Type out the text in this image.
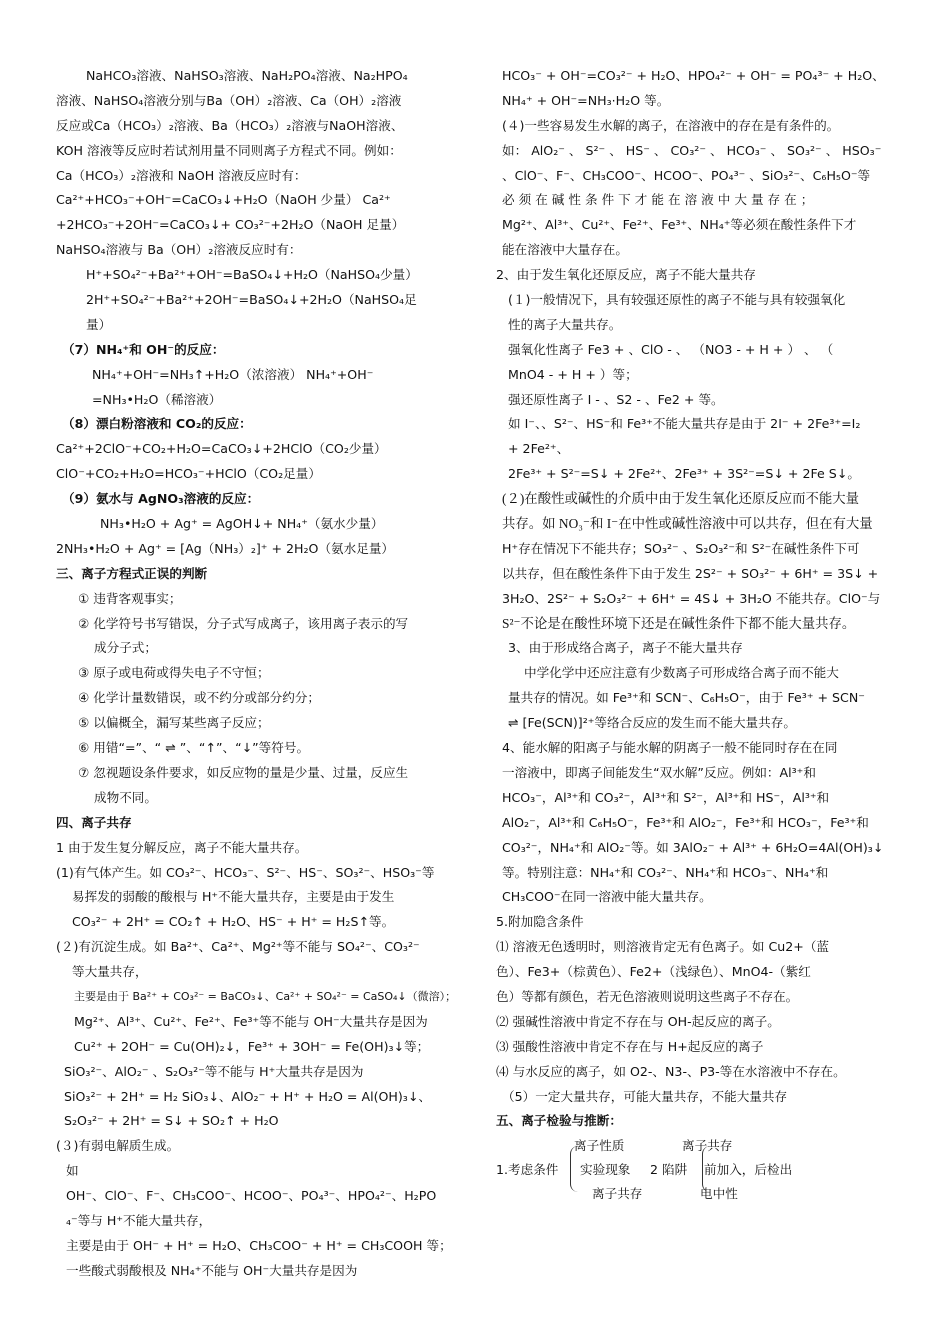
NaHCO₃溶液、NaHSO₃溶液、NaH₂PO₄溶液、Na₂HPO₄
溶液、NaHSO₄溶液分别与Ba（OH）₂溶液、Ca（OH）₂溶液
反应或Ca（HCO₃）₂溶液、Ba（HCO₃）₂溶液与NaOH溶液、
KOH 溶液等反应时若试剂用量不同则离子方程式不同。例如：
Ca（HCO₃）₂溶液和 NaOH 溶液反应时有：
Ca²⁺+HCO₃⁻+OH⁻=CaCO₃↓+H₂O（NaOH 少量） Ca²⁺
+2HCO₃⁻+2OH⁻=CaCO₃↓+ CO₃²⁻+2H₂O（NaOH 足量）
NaHSO₄溶液与 Ba（OH）₂溶液反应时有：
H⁺+SO₄²⁻+Ba²⁺+OH⁻=BaSO₄↓+H₂O（NaHSO₄少量）
2H⁺+SO₄²⁻+Ba²⁺+2OH⁻=BaSO₄↓+2H₂O（NaHSO₄足
量）
（7）NH₄⁺和 OH⁻的反应：
NH₄⁺+OH⁻=NH₃↑+H₂O（浓溶液） NH₄⁺+OH⁻
=NH₃•H₂O（稀溶液）
（8）漂白粉溶液和 CO₂的反应：
Ca²⁺+2ClO⁻+CO₂+H₂O=CaCO₃↓+2HClO（CO₂少量）
ClO⁻+CO₂+H₂O=HCO₃⁻+HClO（CO₂足量）
（9）氨水与 AgNO₃溶液的反应：
NH₃•H₂O + Ag⁺ = AgOH↓+ NH₄⁺（氨水少量）
2NH₃•H₂O + Ag⁺ = [Ag（NH₃）₂]⁺ + 2H₂O（氨水足量）
三、离子方程式正误的判断
① 违背客观事实；
② 化学符号书写错误，分子式写成离子，该用离子表示的写
成分子式；
③ 原子或电荷或得失电子不守恒；
④ 化学计量数错误，或不约分或部分约分；
⑤ 以偏概全，漏写某些离子反应；
⑥ 用错“=”、“ ⇌ ”、“↑”、“↓”等符号。
⑦ 忽视题设条件要求，如反应物的量是少量、过量，反应生
成物不同。
四、离子共存
1 由于发生复分解反应，离子不能大量共存。
(1)有气体产生。如 CO₃²⁻、HCO₃⁻、S²⁻、HS⁻、SO₃²⁻、HSO₃⁻等
易挥发的弱酸的酸根与 H⁺不能大量共存，主要是由于发生
CO₃²⁻ + 2H⁺ = CO₂↑ + H₂O、HS⁻ + H⁺ = H₂S↑等。
(２)有沉淀生成。如 Ba²⁺、Ca²⁺、Mg²⁺等不能与 SO₄²⁻、CO₃²⁻
等大量共存，
主要是由于 Ba²⁺ + CO₃²⁻ = BaCO₃↓、Ca²⁺ + SO₄²⁻ = CaSO₄↓（微溶）；
Mg²⁺、Al³⁺、Cu²⁺、Fe²⁺、Fe³⁺等不能与 OH⁻大量共存是因为
Cu²⁺ + 2OH⁻ = Cu(OH)₂↓，Fe³⁺ + 3OH⁻ = Fe(OH)₃↓等；
SiO₃²⁻、AlO₂⁻ 、S₂O₃²⁻等不能与 H⁺大量共存是因为
SiO₃²⁻ + 2H⁺ = H₂ SiO₃↓、AlO₂⁻ + H⁺ + H₂O = Al(OH)₃↓、
S₂O₃²⁻ + 2H⁺ = S↓ + SO₂↑ + H₂O
(３)有弱电解质生成。
如
OH⁻、ClO⁻、F⁻、CH₃COO⁻、HCOO⁻、PO₄³⁻、HPO₄²⁻、H₂PO
₄⁻等与 H⁺不能大量共存，
主要是由于 OH⁻ + H⁺ = H₂O、CH₃COO⁻ + H⁺ = CH₃COOH 等；
一些酸式弱酸根及 NH₄⁺不能与 OH⁻大量共存是因为
HCO₃⁻ + OH⁻=CO₃²⁻ + H₂O、HPO₄²⁻ + OH⁻ = PO₄³⁻ + H₂O、
NH₄⁺ + OH⁻=NH₃·H₂O 等。
(４)一些容易发生水解的离子，在溶液中的存在是有条件的。
如： AlO₂⁻ 、 S²⁻ 、 HS⁻ 、 CO₃²⁻ 、 HCO₃⁻ 、 SO₃²⁻ 、 HSO₃⁻
、ClO⁻、F⁻、CH₃COO⁻、HCOO⁻、PO₄³⁻ 、SiO₃²⁻、C₆H₅O⁻等
必 须 在 碱 性 条 件 下 才 能 在 溶 液 中 大 量 存 在 ；
Mg²⁺、Al³⁺、Cu²⁺、Fe²⁺、Fe³⁺、NH₄⁺等必须在酸性条件下才
能在溶液中大量存在。
2、由于发生氧化还原反应，离子不能大量共存
(１)一般情况下，具有较强还原性的离子不能与具有较强氧化
性的离子大量共存。
强氧化性离子 Fe3 + 、ClO - 、 （NO3 - + H + ） 、 （
MnO4 - + H + ）等；
强还原性离子 I - 、S2 - 、Fe2 + 等。
如 I⁻、、S²⁻、HS⁻和 Fe³⁺不能大量共存是由于 2I⁻ + 2Fe³⁺=I₂
+ 2Fe²⁺、
2Fe³⁺ + S²⁻=S↓ + 2Fe²⁺、2Fe³⁺ + 3S²⁻=S↓ + 2Fe S↓。
(２)在酸性或碱性的介质中由于发生氧化还原反应而不能大量
共存。如 NO₃⁻和 I⁻在中性或碱性溶液中可以共存，但在有大量
H⁺存在情况下不能共存；SO₃²⁻ 、S₂O₃²⁻和 S²⁻在碱性条件下可
以共存，但在酸性条件下由于发生 2S²⁻ + SO₃²⁻ + 6H⁺ = 3S↓ +
3H₂O、2S²⁻ + S₂O₃²⁻ + 6H⁺ = 4S↓ + 3H₂O 不能共存。ClO⁻与
S²⁻不论是在酸性环境下还是在碱性条件下都不能大量共存。
3、由于形成络合离子，离子不能大量共存
中学化学中还应注意有少数离子可形成络合离子而不能大
量共存的情况。如 Fe³⁺和 SCN⁻、C₆H₅O⁻，由于 Fe³⁺ + SCN⁻
⇌ [Fe(SCN)]²⁺等络合反应的发生而不能大量共存。
4、能水解的阳离子与能水解的阴离子一般不能同时存在在同
一溶液中，即离子间能发生“双水解”反应。例如：Al³⁺和
HCO₃⁻，Al³⁺和 CO₃²⁻，Al³⁺和 S²⁻，Al³⁺和 HS⁻，Al³⁺和
AlO₂⁻，Al³⁺和 C₆H₅O⁻，Fe³⁺和 AlO₂⁻，Fe³⁺和 HCO₃⁻，Fe³⁺和
CO₃²⁻，NH₄⁺和 AlO₂⁻等。如 3AlO₂⁻ + Al³⁺ + 6H₂O=4Al(OH)₃↓
等。特别注意：NH₄⁺和 CO₃²⁻、NH₄⁺和 HCO₃⁻、NH₄⁺和
CH₃COO⁻在同一溶液中能大量共存。
5.附加隐含条件
⑴ 溶液无色透明时，则溶液肯定无有色离子。如 Cu2+（蓝
色）、Fe3+（棕黄色）、Fe2+（浅绿色）、MnO4-（紫红
色）等都有颜色，若无色溶液则说明这些离子不存在。
⑵ 强碱性溶液中肯定不存在与 OH-起反应的离子。
⑶ 强酸性溶液中肯定不存在与 H+起反应的离子
⑷ 与水反应的离子，如 O2-、N3-、P3-等在水溶液中不存在。
（5）一定大量共存，可能大量共存，不能大量共存
五、离子检验与推断：
离子性质	离子共存
1.考虑条件 实验现象 2 陷阱 前加入，后检出
离子共存	电中性
